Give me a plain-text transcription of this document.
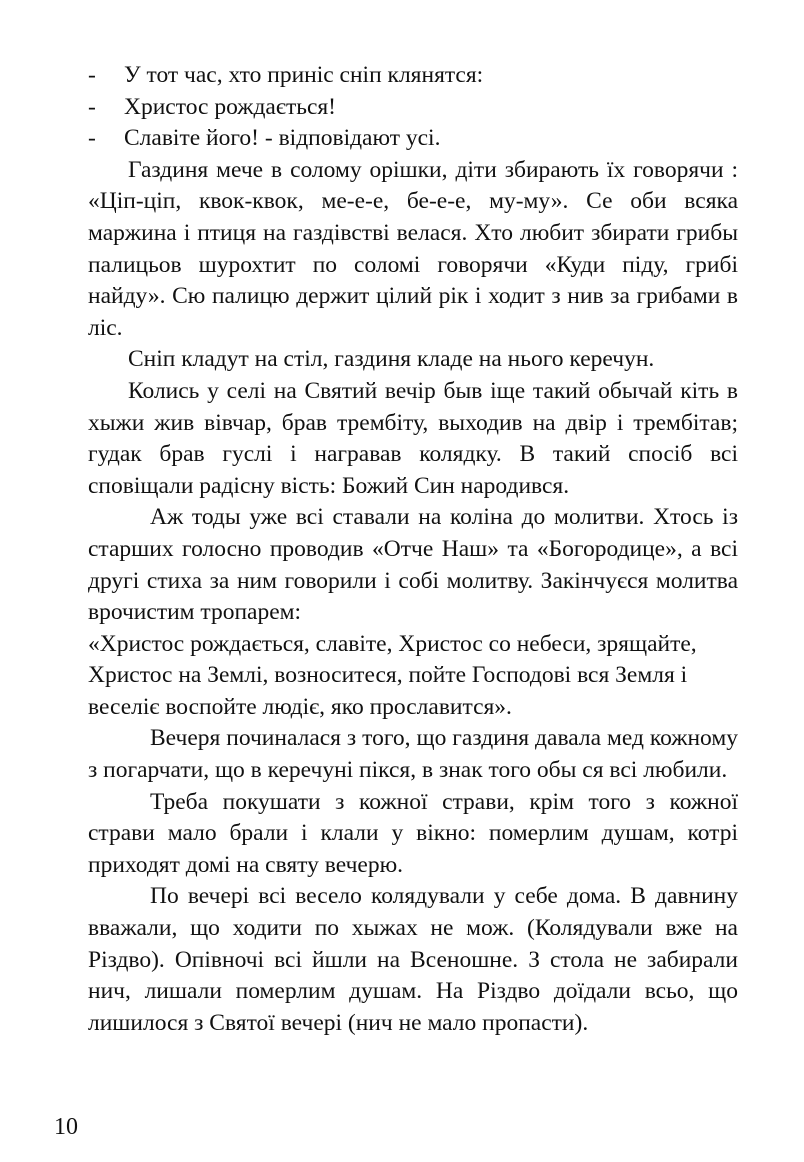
- У тот час, хто приніс сніп клянятся:

- Христос рождається!

- Славіте його! - відповідают усі.

Газдиня мече в солому орішки, діти збирають їх говорячи : «Ціп-ціп, квок-квок, ме-е-е, бе-е-е, му-му». Се оби всяка маржина і птиця на газдівстві велася. Хто любит збирати грибы палицьов шурохтит по соломі говорячи «Куди піду, грибі найду». Сю палицю держит цілий рік і ходит з нив за грибами в ліс.

Сніп кладут на стіл, газдиня кладе на нього керечун.

Колись у селі на Святий вечір быв іще такий обычай кіть в хыжи жив вівчар, брав трембіту, выходив на двір і трембітав; гудак брав гуслі і награвав колядку. В такий спосіб всі сповіщали радісну вість: Божий Син народився.

Аж тоды уже всі ставали на коліна до молитви. Хтось із старших голосно проводив «Отче Наш» та «Богородице», а всі другі стиха за ним говорили і собі молитву. Закінчуєся молитва врочистим тропарем:

«Христос рождається, славіте, Христос со небеси, зрящайте, Христос на Землі, возноситеся, пойте Господові вся Земля і веселіє воспойте людіє, яко прославится».

Вечеря починалася з того, що газдиня давала мед кожному з погарчати, що в керечуні пікся, в знак того обы ся всі любили.

Треба покушати з кожної страви, крім того з кожної страви мало брали і клали у вікно: померлим душам, котрі приходят домі на святу вечерю.

По вечері всі весело колядували у себе дома. В давнину вважали, що ходити по хыжах не мож. (Колядували вже на Різдво). Опівночі всі йшли на Всеношне. З стола не забирали нич, лишали померлим душам. На Різдво доїдали всьо, що лишилося з Святої вечері (нич не мало пропасти).

10
